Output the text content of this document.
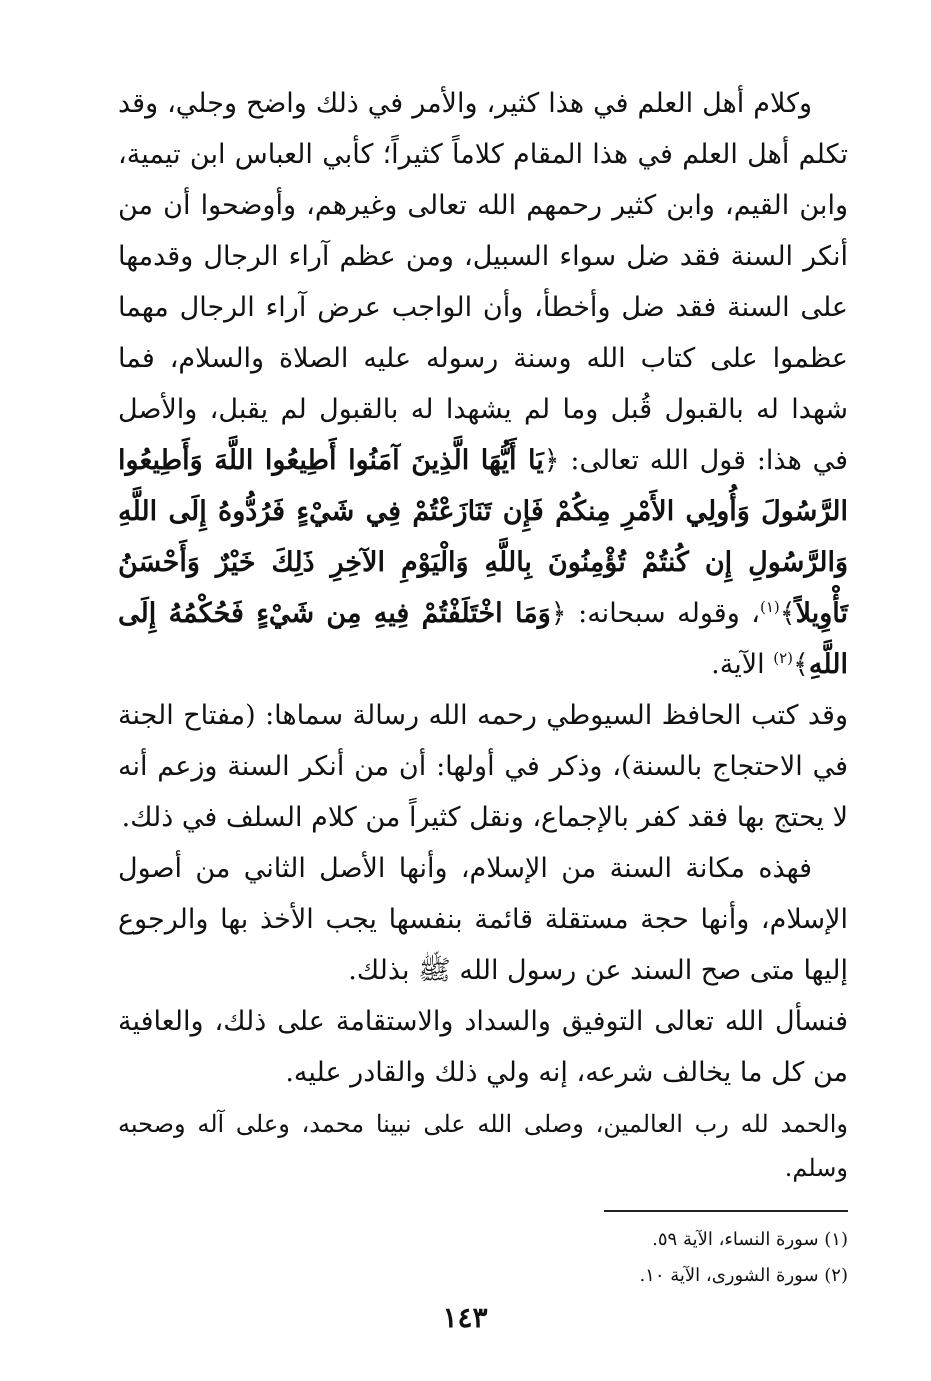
وكلام أهل العلم في هذا كثير، والأمر في ذلك واضح وجلي، وقد تكلم أهل العلم في هذا المقام كلاماً كثيراً؛ كأبي العباس ابن تيمية، وابن القيم، وابن كثير رحمهم الله تعالى وغيرهم، وأوضحوا أن من أنكر السنة فقد ضل سواء السبيل، ومن عظم آراء الرجال وقدمها على السنة فقد ضل وأخطأ، وأن الواجب عرض آراء الرجال مهما عظموا على كتاب الله وسنة رسوله عليه الصلاة والسلام، فما شهدا له بالقبول قُبل وما لم يشهدا له بالقبول لم يقبل، والأصل في هذا: قول الله تعالى: ﴿يَا أَيُّهَا الَّذِينَ آمَنُوا أَطِيعُوا اللَّهَ وَأَطِيعُوا الرَّسُولَ وَأُولِي الأَمْرِ مِنكُمْ فَإِن تَنَازَعْتُمْ فِي شَيْءٍ فَرُدُّوهُ إِلَى اللَّهِ وَالرَّسُولِ إِن كُنتُمْ تُؤْمِنُونَ بِاللَّهِ وَالْيَوْمِ الآخِرِ ذَلِكَ خَيْرٌ وَأَحْسَنُ تَأْوِيلاً﴾$^{(١)}$، وقوله سبحانه: ﴿وَمَا اخْتَلَفْتُمْ فِيهِ مِن شَيْءٍ فَحُكْمُهُ إِلَى اللَّهِ﴾$^{(٢)}$ الآية.

وقد كتب الحافظ السيوطي رحمه الله رسالة سماها: (مفتاح الجنة في الاحتجاج بالسنة)، وذكر في أولها: أن من أنكر السنة وزعم أنه لا يحتج بها فقد كفر بالإجماع، ونقل كثيراً من كلام السلف في ذلك.

فهذه مكانة السنة من الإسلام، وأنها الأصل الثاني من أصول الإسلام، وأنها حجة مستقلة قائمة بنفسها يجب الأخذ بها والرجوع إليها متى صح السند عن رسول الله ﷺ بذلك.

فنسأل الله تعالى التوفيق والسداد والاستقامة على ذلك، والعافية من كل ما يخالف شرعه، إنه ولي ذلك والقادر عليه.

والحمد لله رب العالمين، وصلى الله على نبينا محمد، وعلى آله وصحبه وسلم.

(١) سورة النساء، الآية ٥٩.

(٢) سورة الشورى، الآية ١٠.

١٤٣
